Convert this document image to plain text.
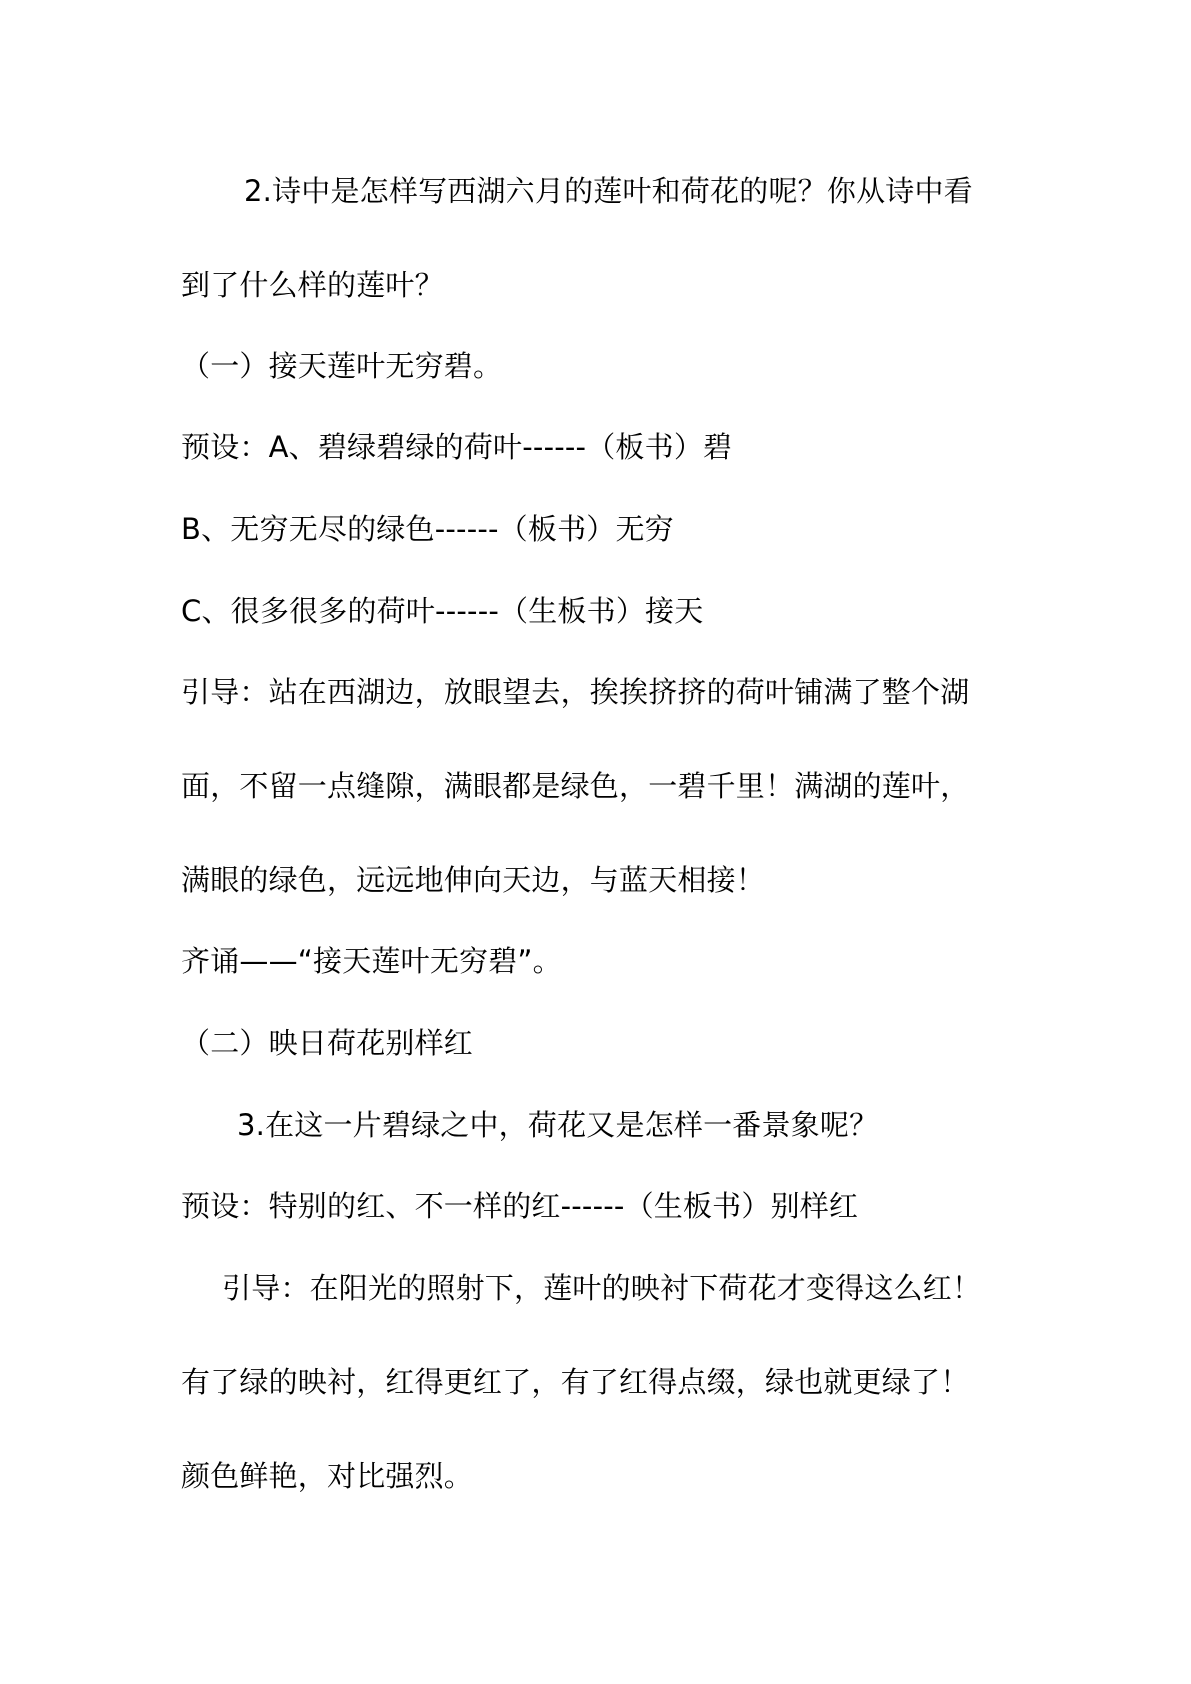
2.诗中是怎样写西湖六月的莲叶和荷花的呢？你从诗中看
到了什么样的莲叶？
（一）接天莲叶无穷碧。
预设：A、碧绿碧绿的荷叶------（板书）碧
B、无穷无尽的绿色------（板书）无穷
C、很多很多的荷叶------（生板书）接天
引导：站在西湖边，放眼望去，挨挨挤挤的荷叶铺满了整个湖
面，不留一点缝隙，满眼都是绿色，一碧千里！满湖的莲叶，
满眼的绿色，远远地伸向天边，与蓝天相接！
齐诵——“接天莲叶无穷碧”。
（二）映日荷花别样红
3.在这一片碧绿之中，荷花又是怎样一番景象呢？
预设：特别的红、不一样的红------（生板书）别样红
引导：在阳光的照射下，莲叶的映衬下荷花才变得这么红！
有了绿的映衬，红得更红了，有了红得点缀，绿也就更绿了！
颜色鲜艳，对比强烈。
